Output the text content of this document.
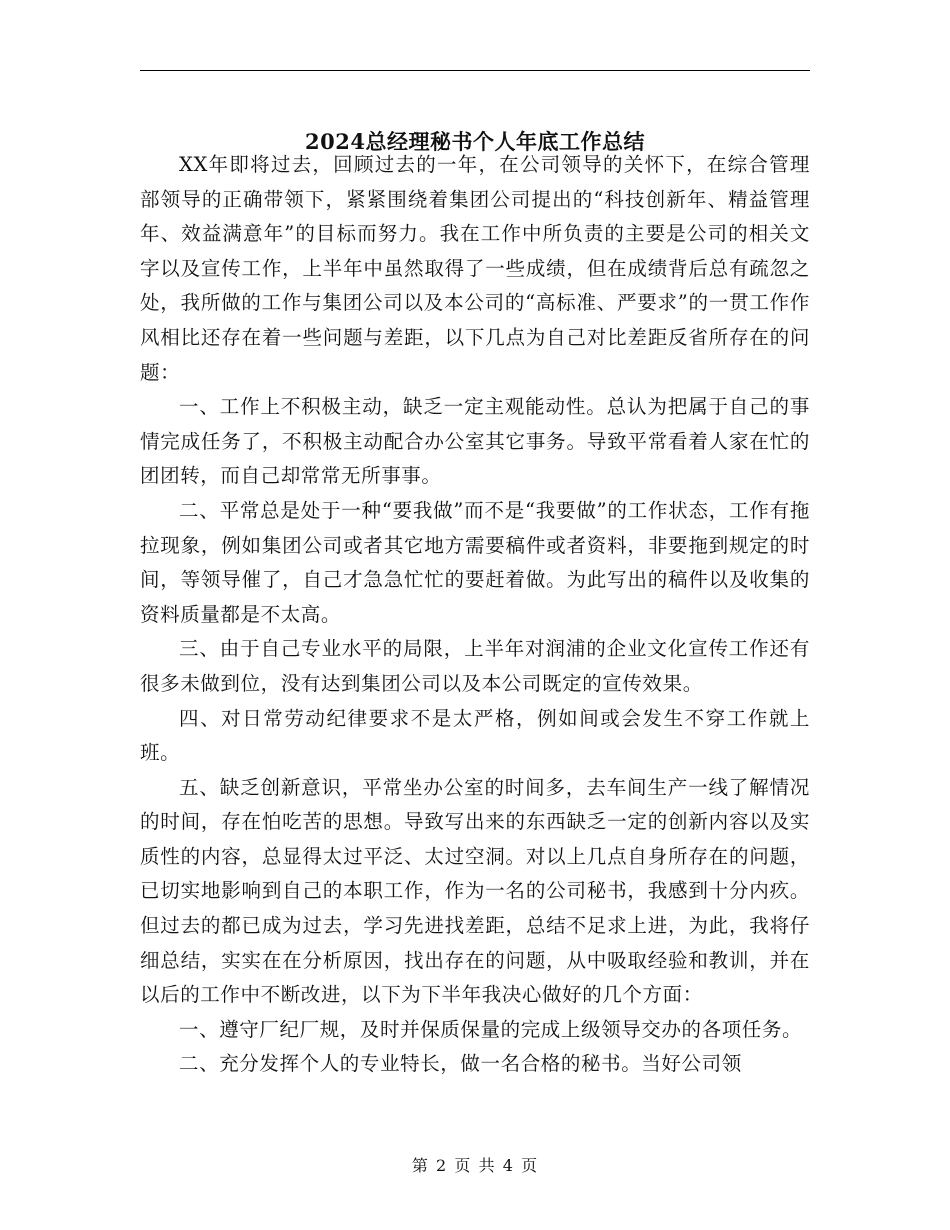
2024总经理秘书个人年底工作总结

XX年即将过去，回顾过去的一年，在公司领导的关怀下，在综合管理部领导的正确带领下，紧紧围绕着集团公司提出的“科技创新年、精益管理年、效益满意年”的目标而努力。我在工作中所负责的主要是公司的相关文字以及宣传工作，上半年中虽然取得了一些成绩，但在成绩背后总有疏忽之处，我所做的工作与集团公司以及本公司的“高标准、严要求”的一贯工作作风相比还存在着一些问题与差距，以下几点为自己对比差距反省所存在的问题：

一、工作上不积极主动，缺乏一定主观能动性。总认为把属于自己的事情完成任务了，不积极主动配合办公室其它事务。导致平常看着人家在忙的团团转，而自己却常常无所事事。

二、平常总是处于一种“要我做”而不是“我要做”的工作状态，工作有拖拉现象，例如集团公司或者其它地方需要稿件或者资料，非要拖到规定的时间，等领导催了，自己才急急忙忙的要赶着做。为此写出的稿件以及收集的资料质量都是不太高。

三、由于自己专业水平的局限，上半年对润浦的企业文化宣传工作还有很多未做到位，没有达到集团公司以及本公司既定的宣传效果。

四、对日常劳动纪律要求不是太严格，例如间或会发生不穿工作就上班。

五、缺乏创新意识，平常坐办公室的时间多，去车间生产一线了解情况的时间，存在怕吃苦的思想。导致写出来的东西缺乏一定的创新内容以及实质性的内容，总显得太过平泛、太过空洞。对以上几点自身所存在的问题，已切实地影响到自己的本职工作，作为一名的公司秘书，我感到十分内疚。但过去的都已成为过去，学习先进找差距，总结不足求上进，为此，我将仔细总结，实实在在分析原因，找出存在的问题，从中吸取经验和教训，并在以后的工作中不断改进，以下为下半年我决心做好的几个方面：

一、遵守厂纪厂规，及时并保质保量的完成上级领导交办的各项任务。

二、充分发挥个人的专业特长，做一名合格的秘书。当好公司领

第 2 页 共 4 页
